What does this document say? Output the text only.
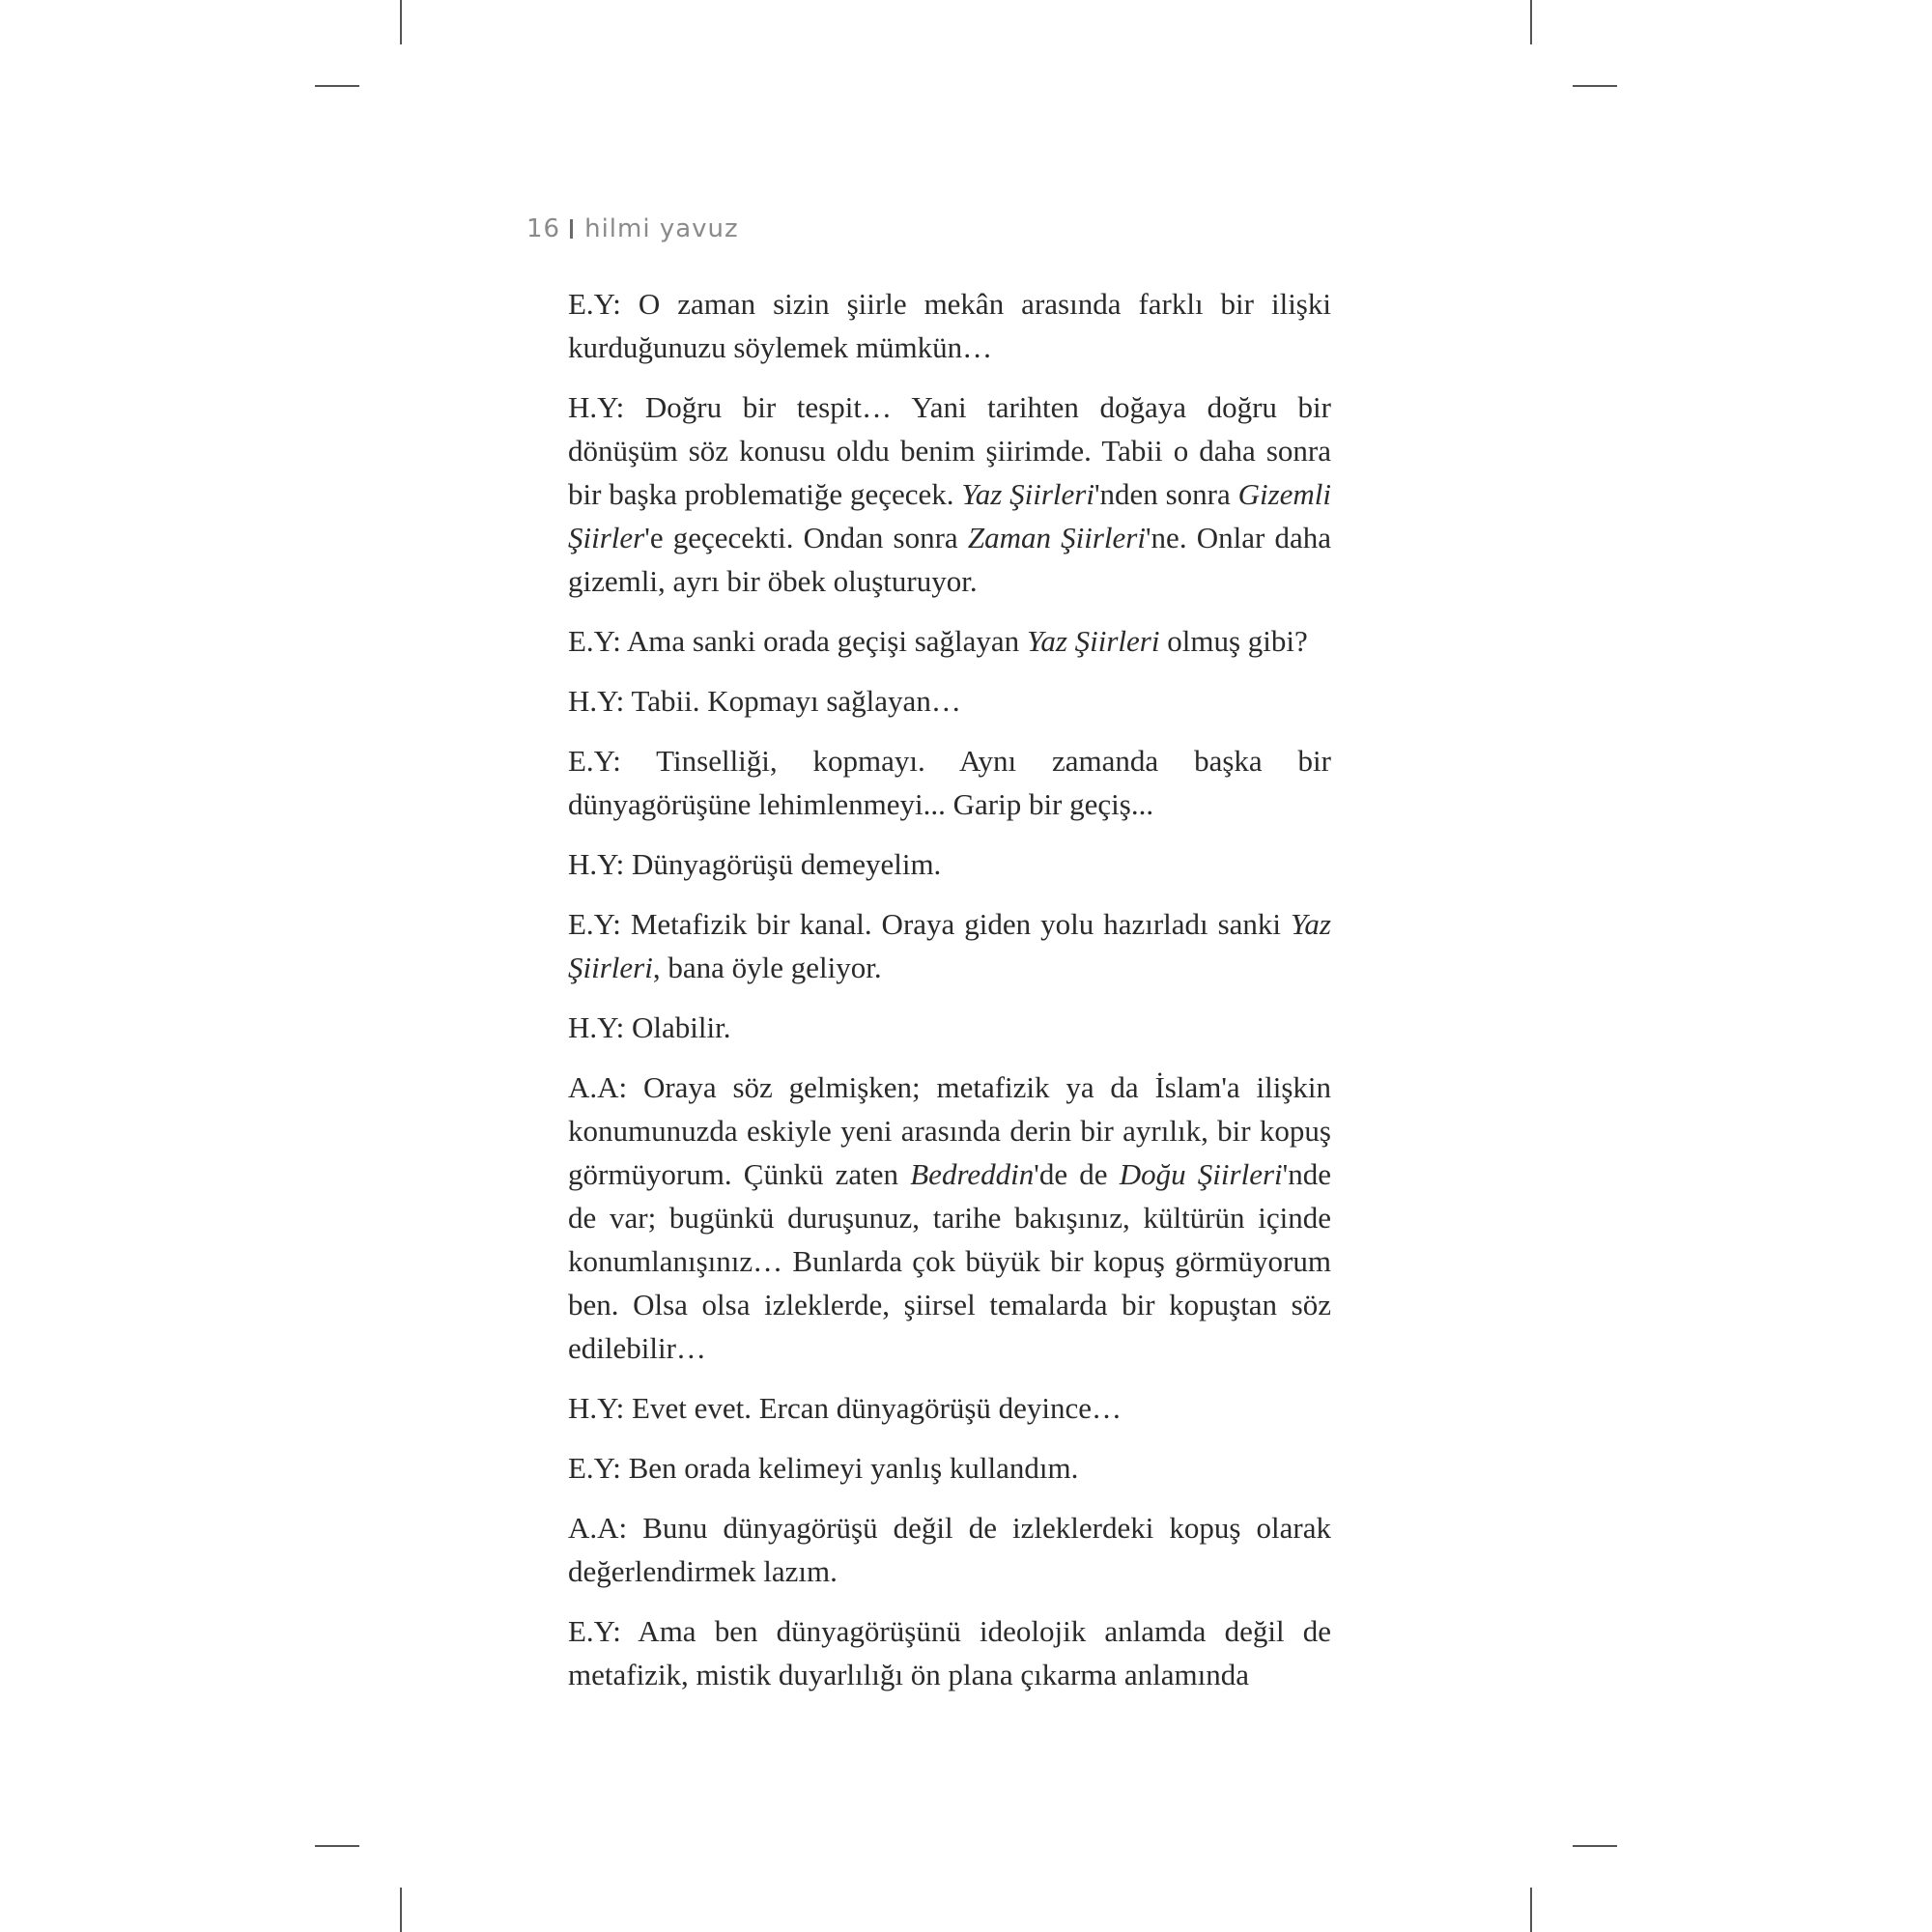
16 hilmi yavuz

E.Y: O zaman sizin şiirle mekân arasında farklı bir ilişki kurduğunuzu söylemek mümkün…

H.Y: Doğru bir tespit… Yani tarihten doğaya doğru bir dönüşüm söz konusu oldu benim şiirimde. Tabii o daha sonra bir başka problematiğe geçecek. Yaz Şiirleri'nden sonra Gizemli Şiirler'e geçecekti. Ondan sonra Zaman Şiirleri'ne. Onlar daha gizemli, ayrı bir öbek oluşturuyor.

E.Y: Ama sanki orada geçişi sağlayan Yaz Şiirleri olmuş gibi?

H.Y: Tabii. Kopmayı sağlayan…

E.Y: Tinselliği, kopmayı. Aynı zamanda başka bir dünyagörüşüne lehimlenmeyi... Garip bir geçiş...

H.Y: Dünyagörüşü demeyelim.

E.Y: Metafizik bir kanal. Oraya giden yolu hazırladı sanki Yaz Şiirleri, bana öyle geliyor.

H.Y: Olabilir.

A.A: Oraya söz gelmişken; metafizik ya da İslam'a ilişkin konumunuzda eskiyle yeni arasında derin bir ayrılık, bir kopuş görmüyorum. Çünkü zaten Bedreddin'de de Doğu Şiirleri'nde de var; bugünkü duruşunuz, tarihe bakışınız, kültürün içinde konumlanışınız… Bunlarda çok büyük bir kopuş görmüyorum ben. Olsa olsa izleklerde, şiirsel temalarda bir kopuştan söz edilebilir…

H.Y: Evet evet. Ercan dünyagörüşü deyince…

E.Y: Ben orada kelimeyi yanlış kullandım.

A.A: Bunu dünyagörüşü değil de izleklerdeki kopuş olarak değerlendirmek lazım.

E.Y: Ama ben dünyagörüşünü ideolojik anlamda değil de metafizik, mistik duyarlılığı ön plana çıkarma anlamında
